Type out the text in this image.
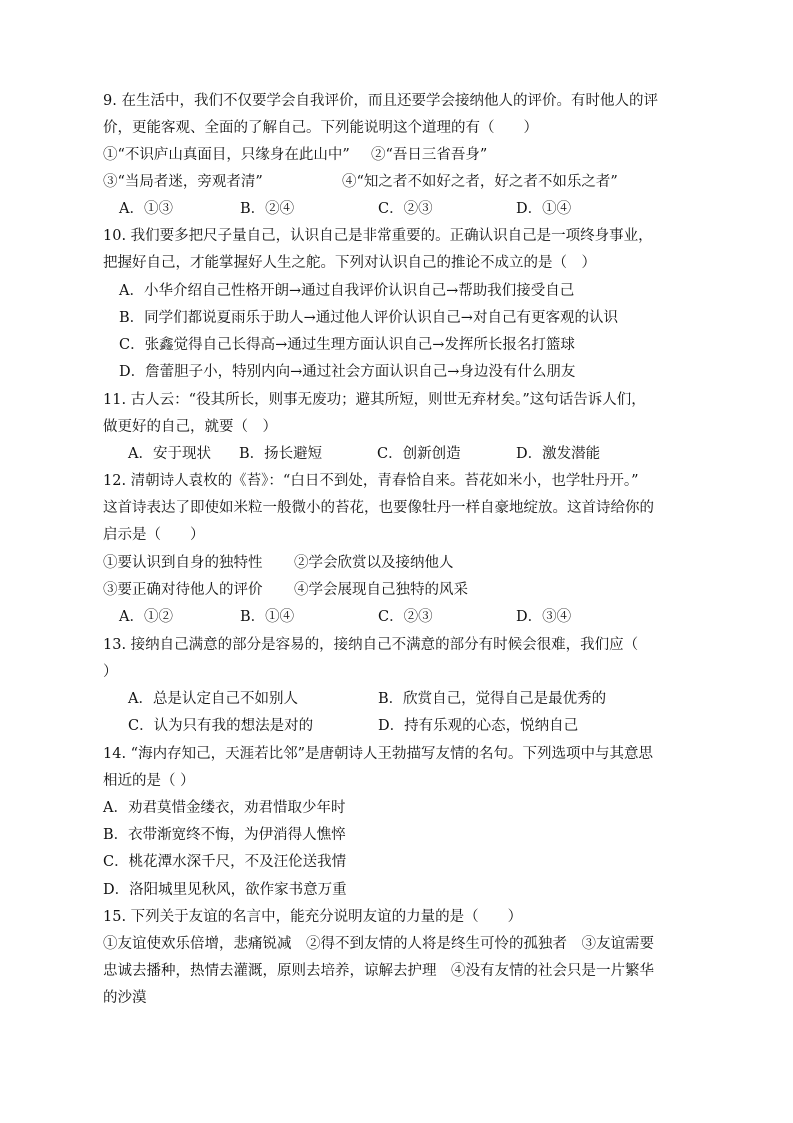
9. 在生活中，我们不仅要学会自我评价，而且还要学会接纳他人的评价。有时他人的评
价，更能客观、全面的了解自己。下列能说明这个道理的有（　　）
①“不识庐山真面目，只缘身在此山中” ②“吾日三省吾身”
③“当局者迷，旁观者清”	④“知之者不如好之者，好之者不如乐之者”
A．①③	B．②④	C．②③	D．①④
10. 我们要多把尺子量自己，认识自己是非常重要的。正确认识自己是一项终身事业，
把握好自己，才能掌握好人生之舵。下列对认识自己的推论不成立的是（　）
A．小华介绍自己性格开朗→通过自我评价认识自己→帮助我们接受自己
B．同学们都说夏雨乐于助人→通过他人评价认识自己→对自己有更客观的认识
C．张鑫觉得自己长得高→通过生理方面认识自己→发挥所长报名打篮球
D．詹蕾胆子小，特别内向→通过社会方面认识自己→身边没有什么朋友
11. 古人云：“役其所长，则事无废功；避其所短，则世无弃材矣。”这句话告诉人们，
做更好的自己，就要（　）
A．安于现状 B．扬长避短	C．创新创造	D．激发潜能
12. 清朝诗人袁枚的《苔》：“白日不到处，青春恰自来。苔花如米小，也学牡丹开。”
这首诗表达了即使如米粒一般微小的苔花，也要像牡丹一样自豪地绽放。这首诗给你的
启示是（　　）
①要认识到自身的独特性 ②学会欣赏以及接纳他人
③要正确对待他人的评价 ④学会展现自己独特的风采
A．①②	B．①④	C．②③	D．③④
13. 接纳自己满意的部分是容易的，接纳自己不满意的部分有时候会很难，我们应（
）
A．总是认定自己不如别人	B．欣赏自己，觉得自己是最优秀的
C．认为只有我的想法是对的	D．持有乐观的心态，悦纳自己
14. “海内存知己，天涯若比邻”是唐朝诗人王勃描写友情的名句。下列选项中与其意思
相近的是（ ）
A．劝君莫惜金缕衣，劝君惜取少年时
B．衣带渐宽终不悔，为伊消得人憔悴
C．桃花潭水深千尺，不及汪伦送我情
D．洛阳城里见秋风，欲作家书意万重
15. 下列关于友谊的名言中，能充分说明友谊的力量的是（　　）
①友谊使欢乐倍增，悲痛锐减　②得不到友情的人将是终生可怜的孤独者　③友谊需要
忠诚去播种，热情去灌溉，原则去培养，谅解去护理　④没有友情的社会只是一片繁华
的沙漠
